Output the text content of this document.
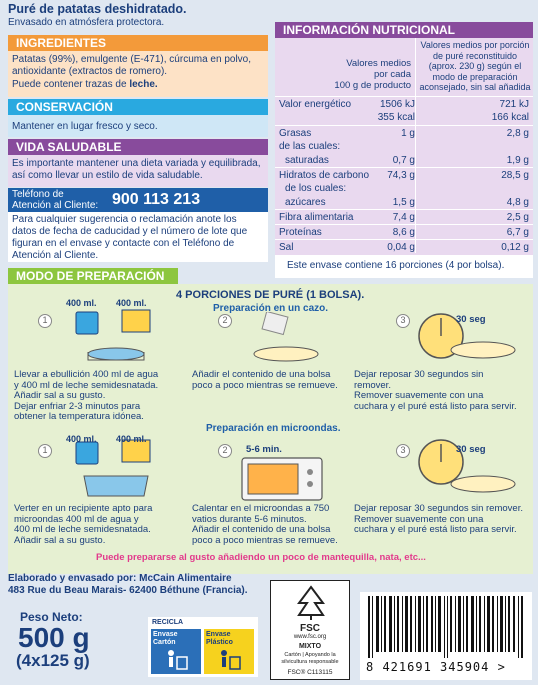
Puré de patatas deshidratado.
Envasado en atmósfera protectora.
INGREDIENTES
Patatas (99%), emulgente (E-471), cúrcuma en polvo,
antioxidante (extractos de romero).
Puede contener trazas de leche.
CONSERVACIÓN
Mantener en lugar fresco y seco.
VIDA SALUDABLE
Es importante mantener una dieta variada y equilibrada,
así como llevar un estilo de vida saludable.
Teléfono de
Atención al Cliente: 900 113 213
Para cualquier sugerencia o reclamación anote los
datos de fecha de caducidad y el número de lote que
figuran en el envase y contacte con el Teléfono de
Atención al Cliente.
INFORMACIÓN NUTRICIONAL
Valores medios
por cada
100 g de producto
Valores medios por porción
de puré reconstituido
(aprox. 230 g) según el
modo de preparación
aconsejado, sin sal añadida
Valor energético	1506 kJ	721 kJ
355 kcal	166 kcal
Grasas	1 g	2,8 g
de las cuales:
saturadas	0,7 g	1,9 g
Hidratos de carbono 74,3 g	28,5 g
de los cuales:
azúcares	1,5 g	4,8 g
Fibra alimentaria	7,4 g	2,5 g
Proteínas	8,6 g	6,7 g
Sal	0,04 g	0,12 g
Este envase contiene 16 porciones (4 por bolsa).
MODO DE PREPARACIÓN
4 PORCIONES DE PURÉ (1 BOLSA).
Preparación en un cazo.
1
400 ml. 400 ml.
2	3	30 seg
Llevar a ebullición 400 ml de agua
y 400 ml de leche semidesnatada.
Añadir sal a su gusto.
Dejar enfriar 2-3 minutos para
obtener la temperatura idónea.
Añadir el contenido de una bolsa
poco a poco mientras se remueve.
Dejar reposar 30 segundos sin
remover.
Remover suavemente con una
cuchara y el puré está listo para servir.
Preparación en microondas.
1
400 ml. 400 ml.
2	5-6 min.	3	30 seg
Verter en un recipiente apto para
microondas 400 ml de agua y
400 ml de leche semidesnatada.
Añadir sal a su gusto.
Calentar en el microondas a 750
vatios durante 5-6 minutos.
Añadir el contenido de una bolsa
poco a poco mientras se remueve.
Dejar reposar 30 segundos sin remover.
Remover suavemente con una
cuchara y el puré está listo para servir.
Puede prepararse al gusto añadiendo un poco de mantequilla, nata, etc...
Elaborado y envasado por: McCain Alimentaire
483 Rue du Beau Marais- 62400 Béthune (Francia).
Peso Neto:
500 g
(4x125 g)
RECICLA
Envase Cartón
Envase Plástico
FSC
www.fsc.org
MIXTO
Cartón | Apoyando la silvicultura responsable
FSC® C113115	8 421691 345904 >
